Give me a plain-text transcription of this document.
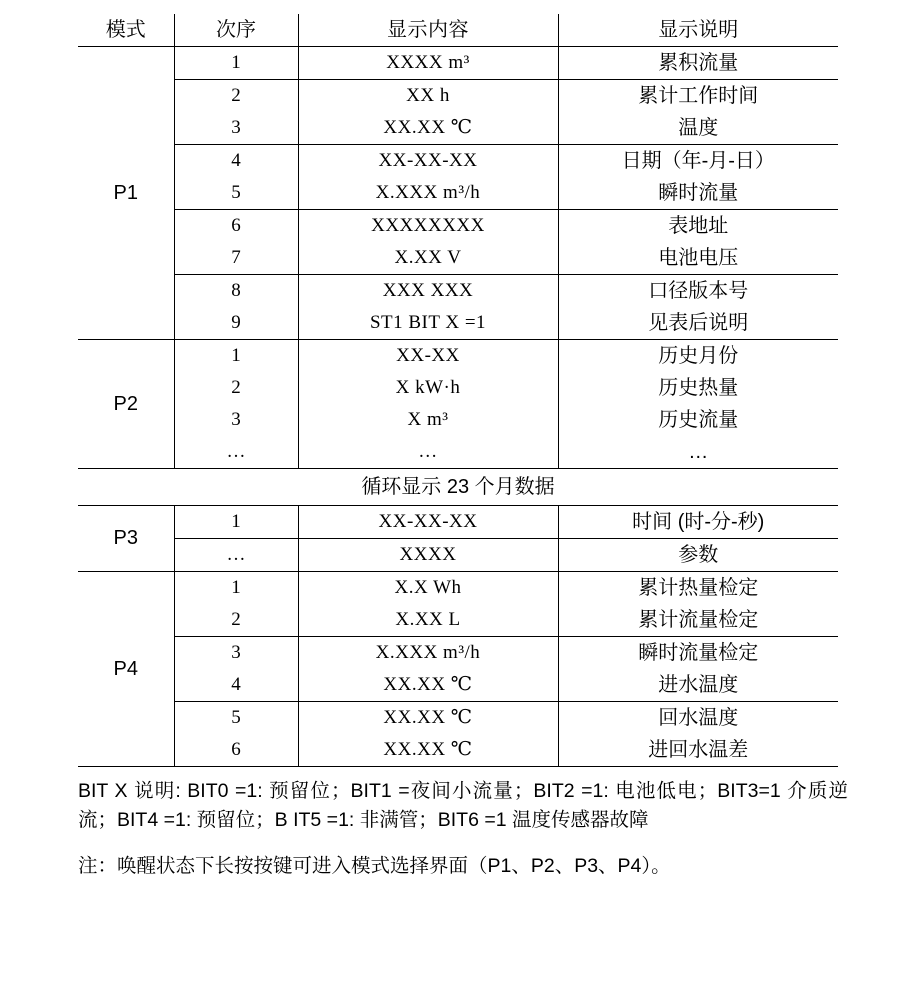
模式	次序	显示内容	显示说明
P1	1	XXXX m³	累积流量
	2	XX h	累计工作时间
	3	XX.XX ℃	温度
	4	XX-XX-XX	日期（年-月-日）
	5	X.XXX m³/h	瞬时流量
	6	XXXXXXXX	表地址
	7	X.XX V	电池电压
	8	XXX XXX	口径版本号
	9	ST1 BIT X =1	见表后说明
P2	1	XX-XX	历史月份
	2	X kW·h	历史热量
	3	X m³	历史流量
	…	…	…
循环显示 23 个月数据			
P3	1	XX-XX-XX	时间 (时-分-秒)
	…	XXXX	参数
P4	1	X.X Wh	累计热量检定
	2	X.XX L	累计流量检定
	3	X.XXX m³/h	瞬时流量检定
	4	XX.XX ℃	进水温度
	5	XX.XX ℃	回水温度
	6	XX.XX ℃	进回水温差

BIT X 说明: BIT0 =1: 预留位；BIT1 =夜间小流量；BIT2 =1: 电池低电；BIT3=1 介质逆流；BIT4 =1: 预留位；B IT5 =1: 非满管；BIT6 =1 温度传感器故障

注：唤醒状态下长按按键可进入模式选择界面（P1、P2、P3、P4）。
